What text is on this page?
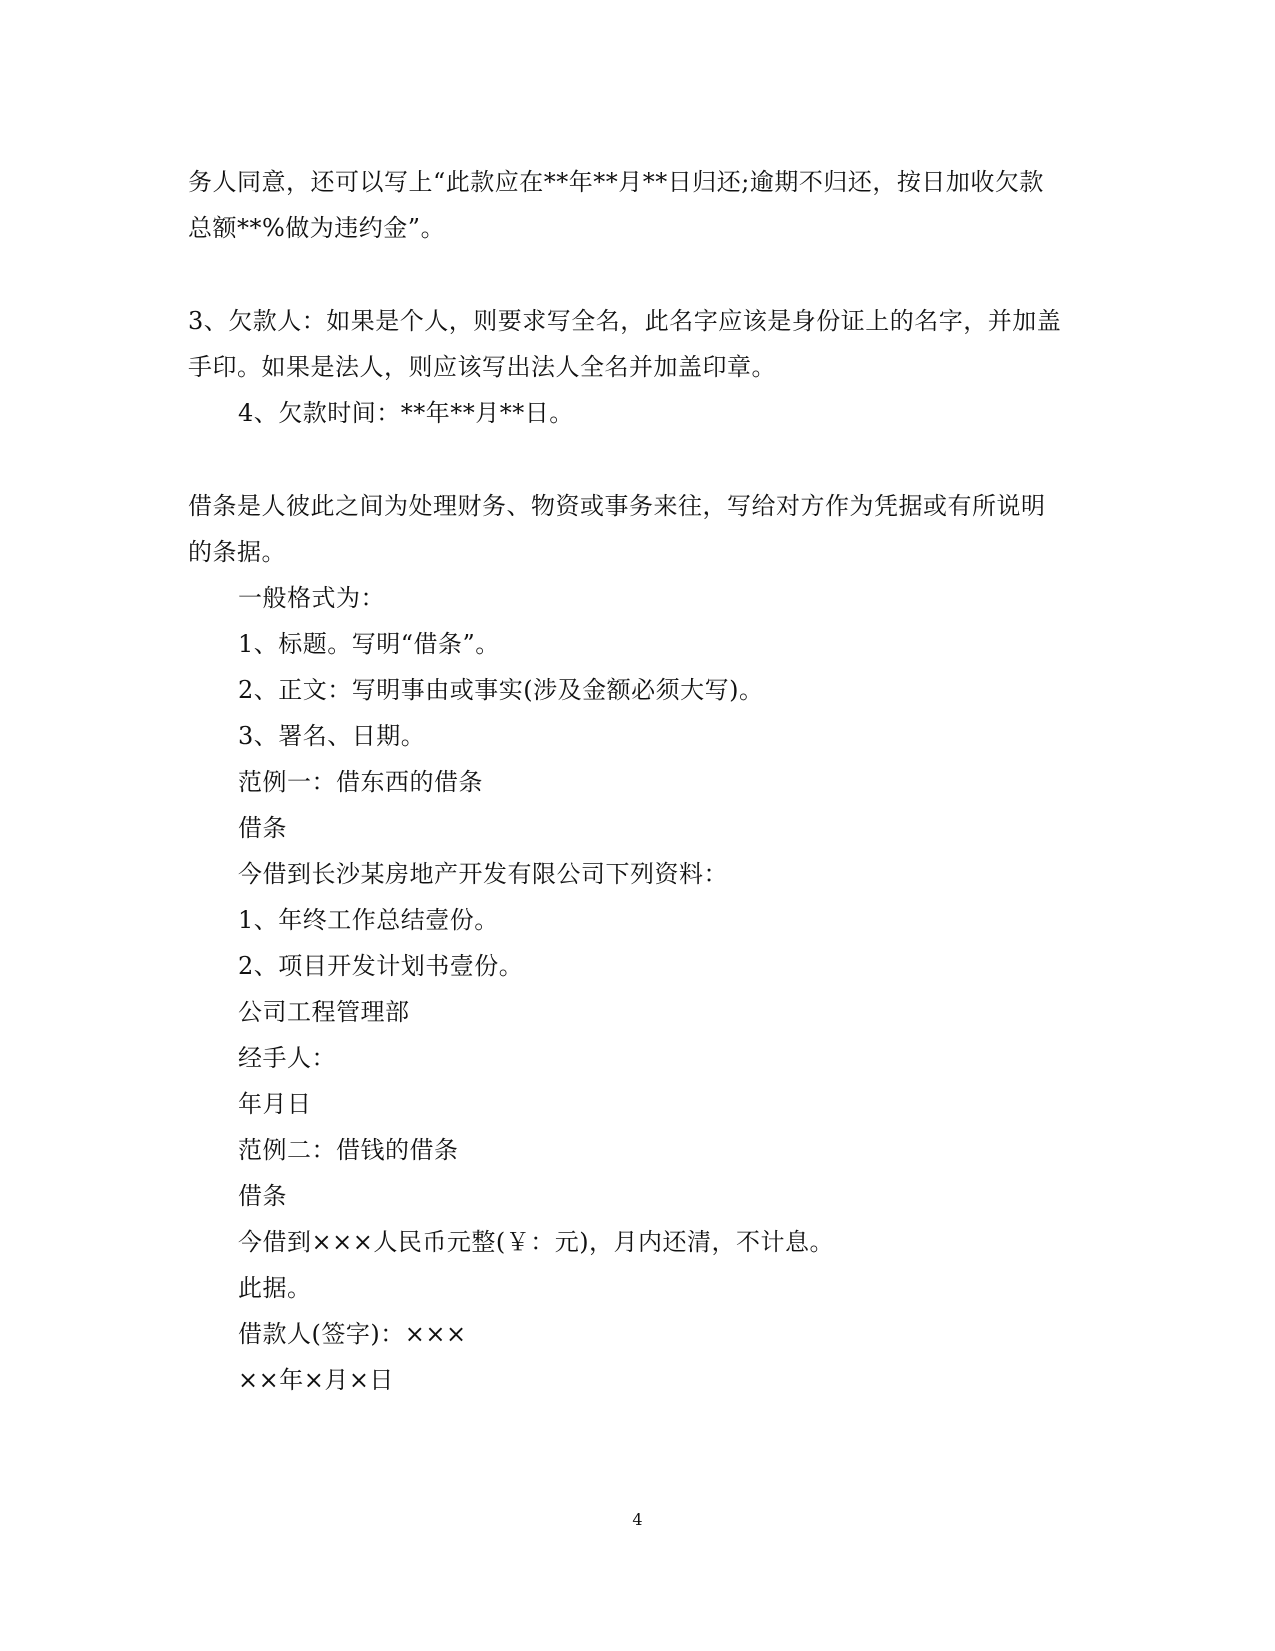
务人同意，还可以写上“此款应在**年**月**日归还;逾期不归还，按日加收欠款
总额**%做为违约金”。
3、欠款人：如果是个人，则要求写全名，此名字应该是身份证上的名字，并加盖
手印。如果是法人，则应该写出法人全名并加盖印章。
4、欠款时间：**年**月**日。
借条是人彼此之间为处理财务、物资或事务来往，写给对方作为凭据或有所说明
的条据。
一般格式为：
1、标题。写明“借条”。
2、正文：写明事由或事实(涉及金额必须大写)。
3、署名、日期。
范例一：借东西的借条
借条
今借到长沙某房地产开发有限公司下列资料：
1、年终工作总结壹份。
2、项目开发计划书壹份。
公司工程管理部
经手人：
年月日
范例二：借钱的借条
借条
今借到×××人民币元整(￥：元)，月内还清，不计息。
此据。
借款人(签字)：×××
××年×月×日
4
